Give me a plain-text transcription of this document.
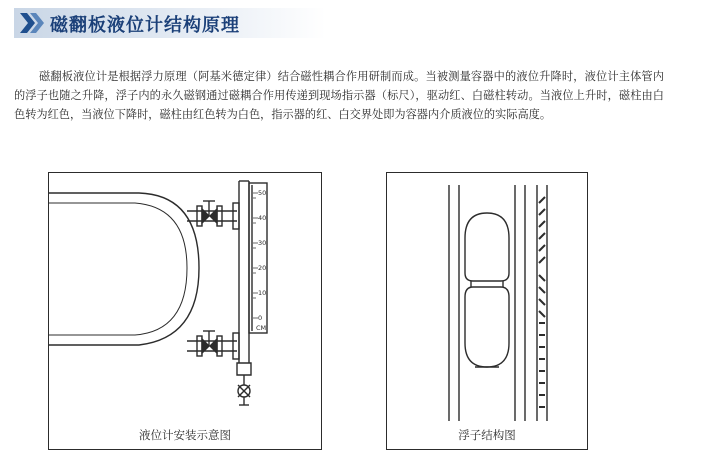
磁翻板液位计结构原理

磁翻板液位计是根据浮力原理（阿基米德定律）结合磁性耦合作用研制而成。当被测量容器中的液位升降时，液位计主体管内的浮子也随之升降，浮子内的永久磁钢通过磁耦合作用传递到现场指示器（标尺），驱动红、白磁柱转动。当液位上升时，磁柱由白色转为红色，当液位下降时，磁柱由红色转为白色，指示器的红、白交界处即为容器内介质液位的实际高度。

50
40
30
20
10
0
CM
液位计安装示意图	浮子结构图
